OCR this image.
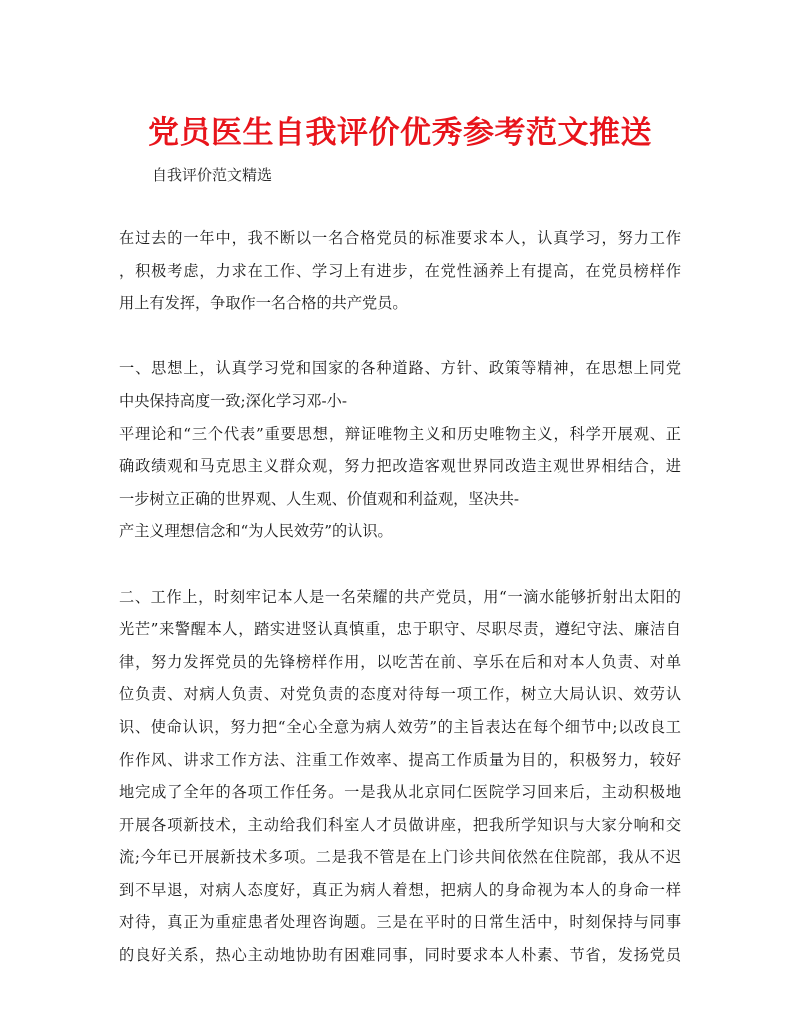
党员医生自我评价优秀参考范文推送
自我评价范文精选
在过去的一年中，我不断以一名合格党员的标准要求本人，认真学习，努力工作
，积极考虑，力求在工作、学习上有进步，在党性涵养上有提高，在党员榜样作
用上有发挥，争取作一名合格的共产党员。
一、思想上，认真学习党和国家的各种道路、方针、政策等精神，在思想上同党
中央保持高度一致;深化学习邓-小-
平理论和“三个代表”重要思想，辩证唯物主义和历史唯物主义，科学开展观、正
确政绩观和马克思主义群众观，努力把改造客观世界同改造主观世界相结合，进
一步树立正确的世界观、人生观、价值观和利益观，坚决共-
产主义理想信念和“为人民效劳”的认识。
二、工作上，时刻牢记本人是一名荣耀的共产党员，用“一滴水能够折射出太阳的
光芒”来警醒本人，踏实进竖认真慎重，忠于职守、尽职尽责，遵纪守法、廉洁自
律，努力发挥党员的先锋榜样作用，以吃苦在前、享乐在后和对本人负责、对单
位负责、对病人负责、对党负责的态度对待每一项工作，树立大局认识、效劳认
识、使命认识，努力把“全心全意为病人效劳”的主旨表达在每个细节中;以改良工
作作风、讲求工作方法、注重工作效率、提高工作质量为目的，积极努力，较好
地完成了全年的各项工作任务。一是我从北京同仁医院学习回来后，主动积极地
开展各项新技术，主动给我们科室人才员做讲座，把我所学知识与大家分响和交
流;今年已开展新技术多项。二是我不管是在上门诊共间依然在住院部，我从不迟
到不早退，对病人态度好，真正为病人着想，把病人的身命视为本人的身命一样
对待，真正为重症患者处理咨询题。三是在平时的日常生活中，时刻保持与同事
的良好关系，热心主动地协助有困难同事，同时要求本人朴素、节省，发扬党员
